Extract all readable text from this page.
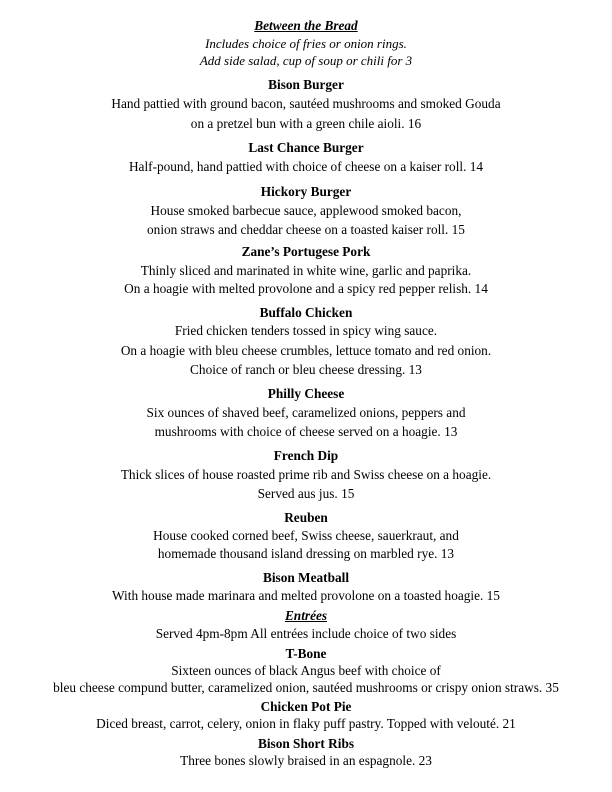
Between the Bread
Includes choice of fries or onion rings.
Add side salad, cup of soup or chili for 3
Bison Burger
Hand pattied with ground bacon, sautéed mushrooms and smoked Gouda
on a pretzel bun with a green chile aioli. 16
Last Chance Burger
Half-pound, hand pattied with choice of cheese on a kaiser roll. 14
Hickory Burger
House smoked barbecue sauce, applewood smoked bacon,
onion straws and cheddar cheese on a toasted kaiser roll. 15
Zane’s Portugese Pork
Thinly sliced and marinated in white wine, garlic and paprika.
On a hoagie with melted provolone and a spicy red pepper relish. 14
Buffalo Chicken
Fried chicken tenders tossed in spicy wing sauce.
On a hoagie with bleu cheese crumbles, lettuce tomato and red onion.
Choice of ranch or bleu cheese dressing. 13
Philly Cheese
Six ounces of shaved beef, caramelized onions, peppers and
mushrooms with choice of cheese served on a hoagie. 13
French Dip
Thick slices of house roasted prime rib and Swiss cheese on a hoagie.
Served aus jus. 15
Reuben
House cooked corned beef, Swiss cheese, sauerkraut, and
homemade thousand island dressing on marbled rye. 13
Bison Meatball
With house made marinara and melted provolone on a toasted hoagie. 15
Entrées
Served 4pm-8pm All entrées include choice of two sides
T-Bone
Sixteen ounces of black Angus beef with choice of
bleu cheese compund butter, caramelized onion, sautéed mushrooms or crispy onion straws. 35
Chicken Pot Pie
Diced breast, carrot, celery, onion in flaky puff pastry. Topped with velouté. 21
Bison Short Ribs
Three bones slowly braised in an espagnole. 23
